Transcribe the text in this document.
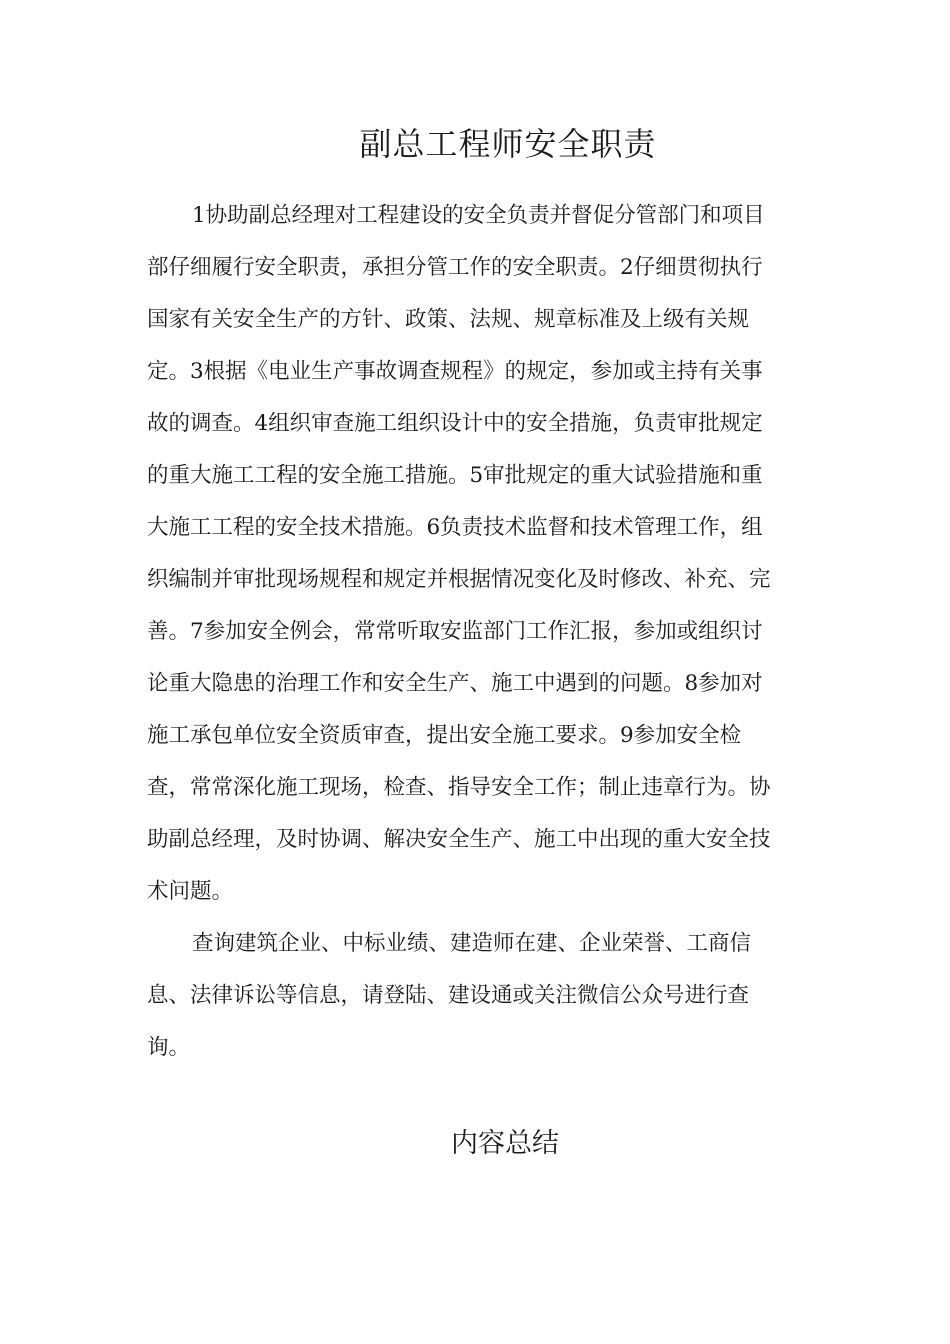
副总工程师安全职责

1协助副总经理对工程建设的安全负责并督促分管部门和项目

部仔细履行安全职责，承担分管工作的安全职责。2仔细贯彻执行

国家有关安全生产的方针、政策、法规、规章标准及上级有关规

定。3根据《电业生产事故调查规程》的规定，参加或主持有关事

故的调查。4组织审查施工组织设计中的安全措施，负责审批规定

的重大施工工程的安全施工措施。5审批规定的重大试验措施和重

大施工工程的安全技术措施。6负责技术监督和技术管理工作，组

织编制并审批现场规程和规定并根据情况变化及时修改、补充、完

善。7参加安全例会，常常听取安监部门工作汇报，参加或组织讨

论重大隐患的治理工作和安全生产、施工中遇到的问题。8参加对

施工承包单位安全资质审查，提出安全施工要求。9参加安全检

查，常常深化施工现场，检查、指导安全工作；制止违章行为。协

助副总经理，及时协调、解决安全生产、施工中出现的重大安全技

术问题。

查询建筑企业、中标业绩、建造师在建、企业荣誉、工商信

息、法律诉讼等信息，请登陆、建设通或关注微信公众号进行查

询。

内容总结
